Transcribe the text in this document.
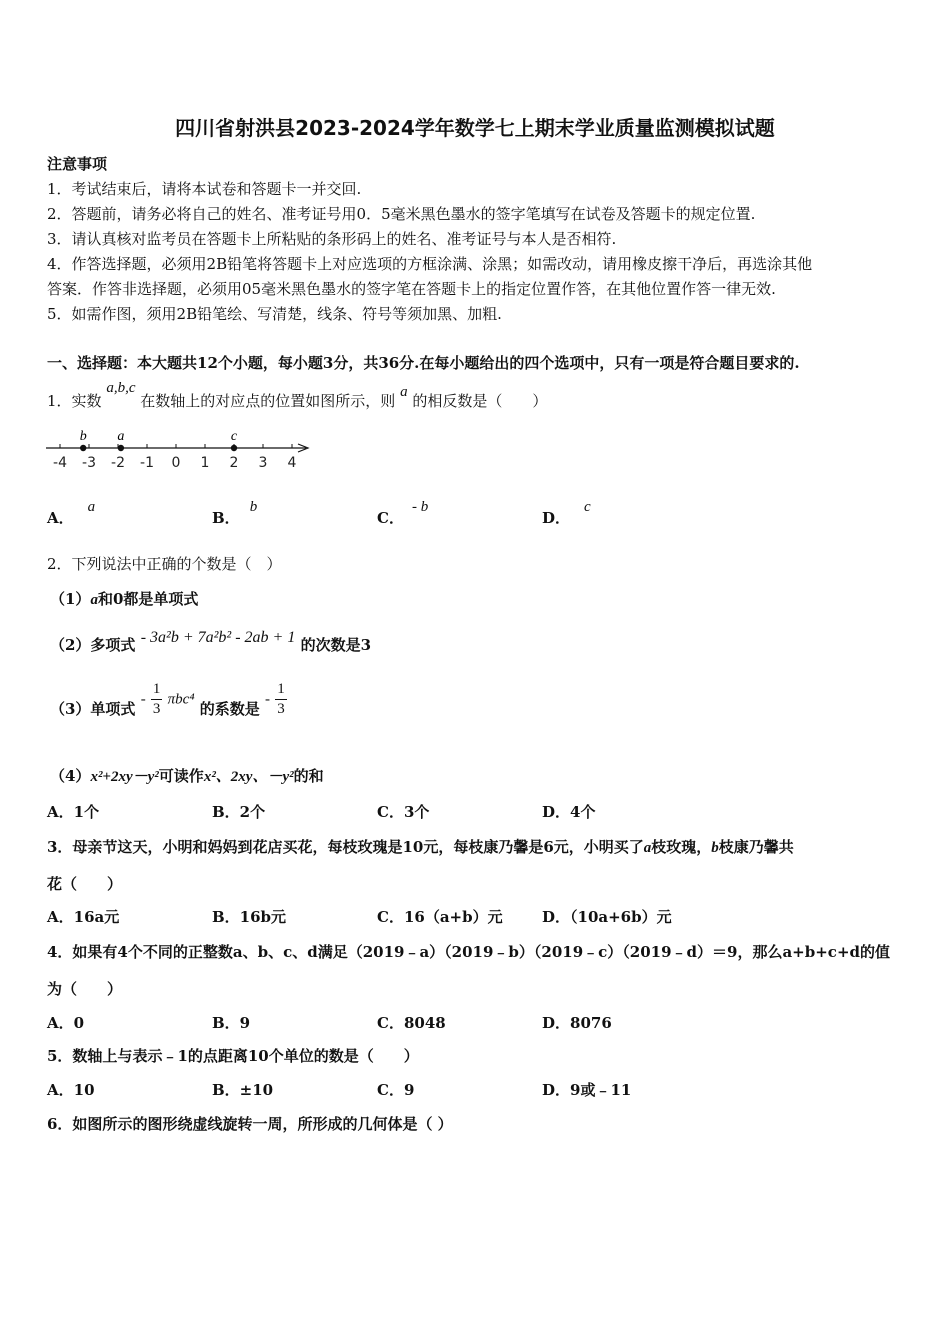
四川省射洪县2023-2024学年数学七上期末学业质量监测模拟试题
注意事项
1．考试结束后，请将本试卷和答题卡一并交回.
2．答题前，请务必将自己的姓名、准考证号用0．5毫米黑色墨水的签字笔填写在试卷及答题卡的规定位置.
3．请认真核对监考员在答题卡上所粘贴的条形码上的姓名、准考证号与本人是否相符.
4．作答选择题，必须用2B铅笔将答题卡上对应选项的方框涂满、涂黑；如需改动，请用橡皮擦干净后，再选涂其他
答案．作答非选择题，必须用05毫米黑色墨水的签字笔在答题卡上的指定位置作答，在其他位置作答一律无效.
5．如需作图，须用2B铅笔绘、写清楚，线条、符号等须加黑、加粗.
一、选择题：本大题共12个小题，每小题3分，共36分.在每小题给出的四个选项中，只有一项是符合题目要求的.
1．实数 a,b,c 在数轴上的对应点的位置如图所示，则 a 的相反数是（　　）
-4 -3 -2 -1 0 1 2 3 4
b a	c
A．a
B．b
C．- b
D．c
2．下列说法中正确的个数是（　）
（1）a和0都是单项式
（2）多项式 - 3a²b + 7a²b² - 2ab + 1 的次数是3
（3）单项式 - $\frac{1}{3} \pi bc^4$ 的系数是 - $\frac{1}{3}$
（4）x²+2xy－y²可读作x²、2xy、－y²的和
A．1个	B．2个	C．3个	D．4个
3．母亲节这天，小明和妈妈到花店买花，每枝玫瑰是10元，每枝康乃馨是6元，小明买了a枝玫瑰，b枝康乃馨共
花（　　）
A．16a元	B．16b元	C．16（a+b）元	D．（10a+6b）元
4．如果有4个不同的正整数a、b、c、d满足（2019﹣a）（2019﹣b）（2019﹣c）（2019﹣d）＝9，那么a+b+c+d的值
为（　　）
A．0	B．9	C．8048	D．8076
5．数轴上与表示﹣1的点距离10个单位的数是（　　）
A．10	B．±10	C．9	D．9或﹣11
6．如图所示的图形绕虚线旋转一周，所形成的几何体是（ ）
